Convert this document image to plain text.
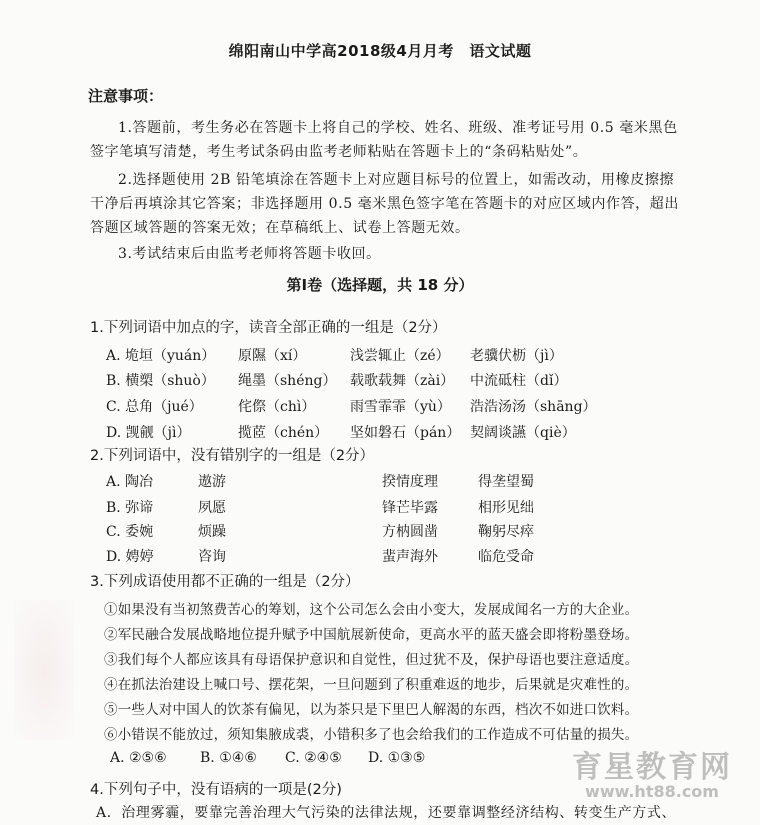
绵阳南山中学高2018级4月月考　语文试题
注意事项：
1.答题前，考生务必在答题卡上将自己的学校、姓名、班级、准考证号用 0.5 毫米黑色
签字笔填写清楚，考生考试条码由监考老师粘贴在答题卡上的“条码粘贴处”。
2.选择题使用 2B 铅笔填涂在答题卡上对应题目标号的位置上，如需改动，用橡皮擦擦
干净后再填涂其它答案；非选择题用 0.5 毫米黑色签字笔在答题卡的对应区域内作答，超出
答题区域答题的答案无效；在草稿纸上、试卷上答题无效。
3.考试结束后由监考老师将答题卡收回。
第Ⅰ卷（选择题，共 18 分）
1.下列词语中加点的字，读音全部正确的一组是（2分）
A. 垝垣（yuán） 原隰（xí）	浅尝辄止（zé） 老骥伏枥（jì）
B. 横槊（shuò） 绳墨（shéng） 载歌载舞（zài） 中流砥柱（dǐ）
C. 总角（jué）	侘傺（chì） 雨雪霏霏（yù） 浩浩汤汤（shāng）
D. 觊觎（jì）	揽茝（chén） 坚如磐石（pán） 契阔谈讌（qiè）
2.下列词语中，没有错别字的一组是（2分）
A. 陶冶	遨游	揆情度理	得垄望蜀
B. 弥谛	夙愿	锋芒毕露	相形见绌
C. 委婉	烦躁	方枘圆凿	鞠躬尽瘁
D. 娉婷	咨询	蜚声海外	临危受命
3.下列成语使用都不正确的一组是（2分）
①如果没有当初煞费苦心的筹划，这个公司怎么会由小变大，发展成闻名一方的大企业。
②军民融合发展战略地位提升赋予中国航展新使命，更高水平的蓝天盛会即将粉墨登场。
③我们每个人都应该具有母语保护意识和自觉性，但过犹不及，保护母语也要注意适度。
④在抓法治建设上喊口号、摆花架，一旦问题到了积重难返的地步，后果就是灾难性的。
⑤一些人对中国人的饮茶有偏见，以为茶只是下里巴人解渴的东西，档次不如进口饮料。
⑥小错误不能放过，须知集腋成裘，小错积多了也会给我们的工作造成不可估量的损失。
A. ②⑤⑥ B. ①④⑥ C. ②④⑤ D. ①③⑤
4.下列句子中，没有语病的一项是(2分)
A．治理雾霾，要靠完善治理大气污染的法律法规，还要靠调整经济结构、转变生产方式、
育星教育网
www.ht88.com
